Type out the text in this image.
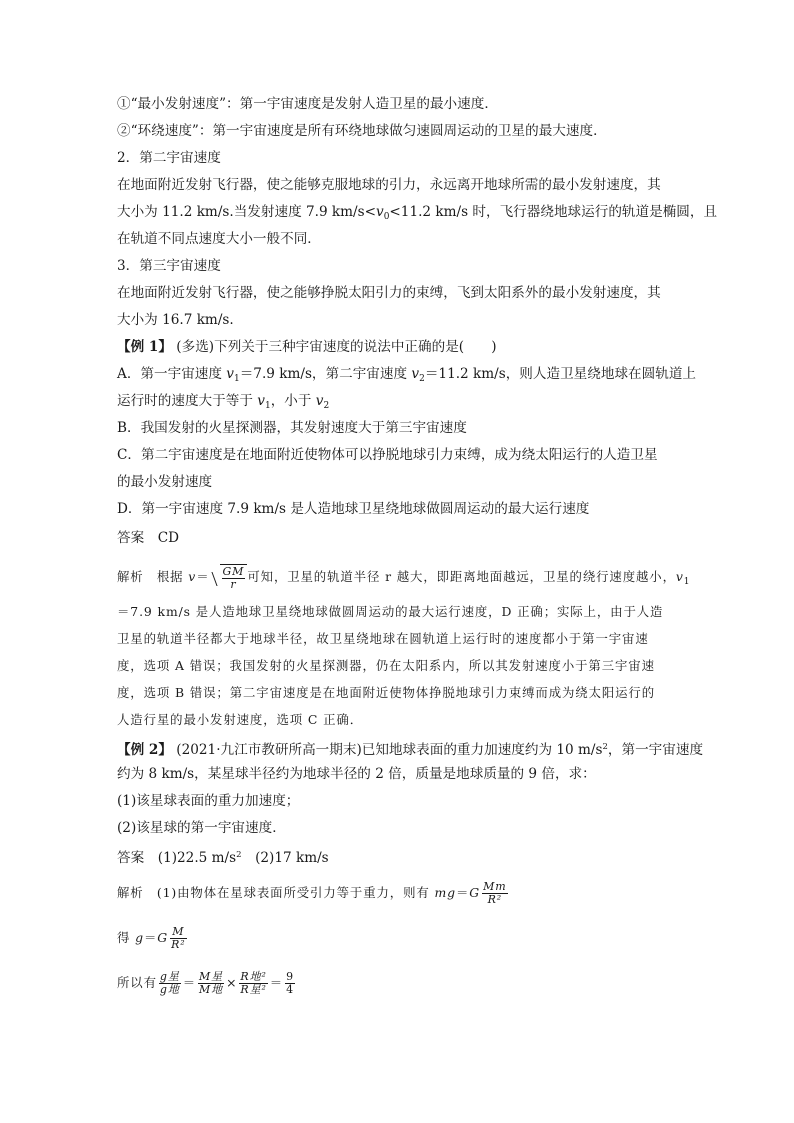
①“最小发射速度”：第一宇宙速度是发射人造卫星的最小速度．
②“环绕速度”：第一宇宙速度是所有环绕地球做匀速圆周运动的卫星的最大速度．
2．第二宇宙速度
在地面附近发射飞行器，使之能够克服地球的引力，永远离开地球所需的最小发射速度，其
大小为 11.2 km/s.当发射速度 7.9 $km/s<v_0<11.2$ km/s 时，飞行器绕地球运行的轨道是椭圆，且
在轨道不同点速度大小一般不同．
3．第三宇宙速度
在地面附近发射飞行器，使之能够挣脱太阳引力的束缚，飞到太阳系外的最小发射速度，其
大小为 16.7 km/s.
【例 1】 (多选)下列关于三种宇宙速度的说法中正确的是(　　)
A．第一宇宙速度 $v_1=7.9$ km/s，第二宇宙速度 $v_2=11.2$ km/s，则人造卫星绕地球在圆轨道上
运行时的速度大于等于 $v_1$，小于 $v_2$
B．我国发射的火星探测器，其发射速度大于第三宇宙速度
C．第二宇宙速度是在地面附近使物体可以挣脱地球引力束缚，成为绕太阳运行的人造卫星
的最小发射速度
D．第一宇宙速度 7.9 km/s 是人造地球卫星绕地球做圆周运动的最大运行速度
答案　CD
解析　根据 $v= \frac{GM}{r}$ 可知，卫星的轨道半径 r 越大，即距离地面越远，卫星的绕行速度越小，$v_1$
＝7.9 km/s 是人造地球卫星绕地球做圆周运动的最大运行速度，D 正确；实际上，由于人造
卫星的轨道半径都大于地球半径，故卫星绕地球在圆轨道上运行时的速度都小于第一宇宙速
度，选项 A 错误；我国发射的火星探测器，仍在太阳系内，所以其发射速度小于第三宇宙速
度，选项 B 错误；第二宇宙速度是在地面附近使物体挣脱地球引力束缚而成为绕太阳运行的
人造行星的最小发射速度，选项 C 正确．
【例 2】 (2021·九江市教研所高一期末)已知地球表面的重力加速度约为 10 $m/s^2$，第一宇宙速度
约为 8 km/s，某星球半径约为地球半径的 2 倍，质量是地球质量的 9 倍，求：
(1)该星球表面的重力加速度；
(2)该星球的第一宇宙速度．
答案　(1)22.5 $m/s^2$　(2)17 km/s
解析　(1)由物体在星球表面所受引力等于重力，则有 $mg=G \frac{Mm}{\text{R²}}$
得 $g=G \frac{M}{\text{R²}}$
所以有 $\frac{\text{g星}}{\text{g地}} = \frac{\text{M星}}{\text{M地}} \times \frac{\text{R地²}}{\text{R星²}} = \frac{9}{4}$
